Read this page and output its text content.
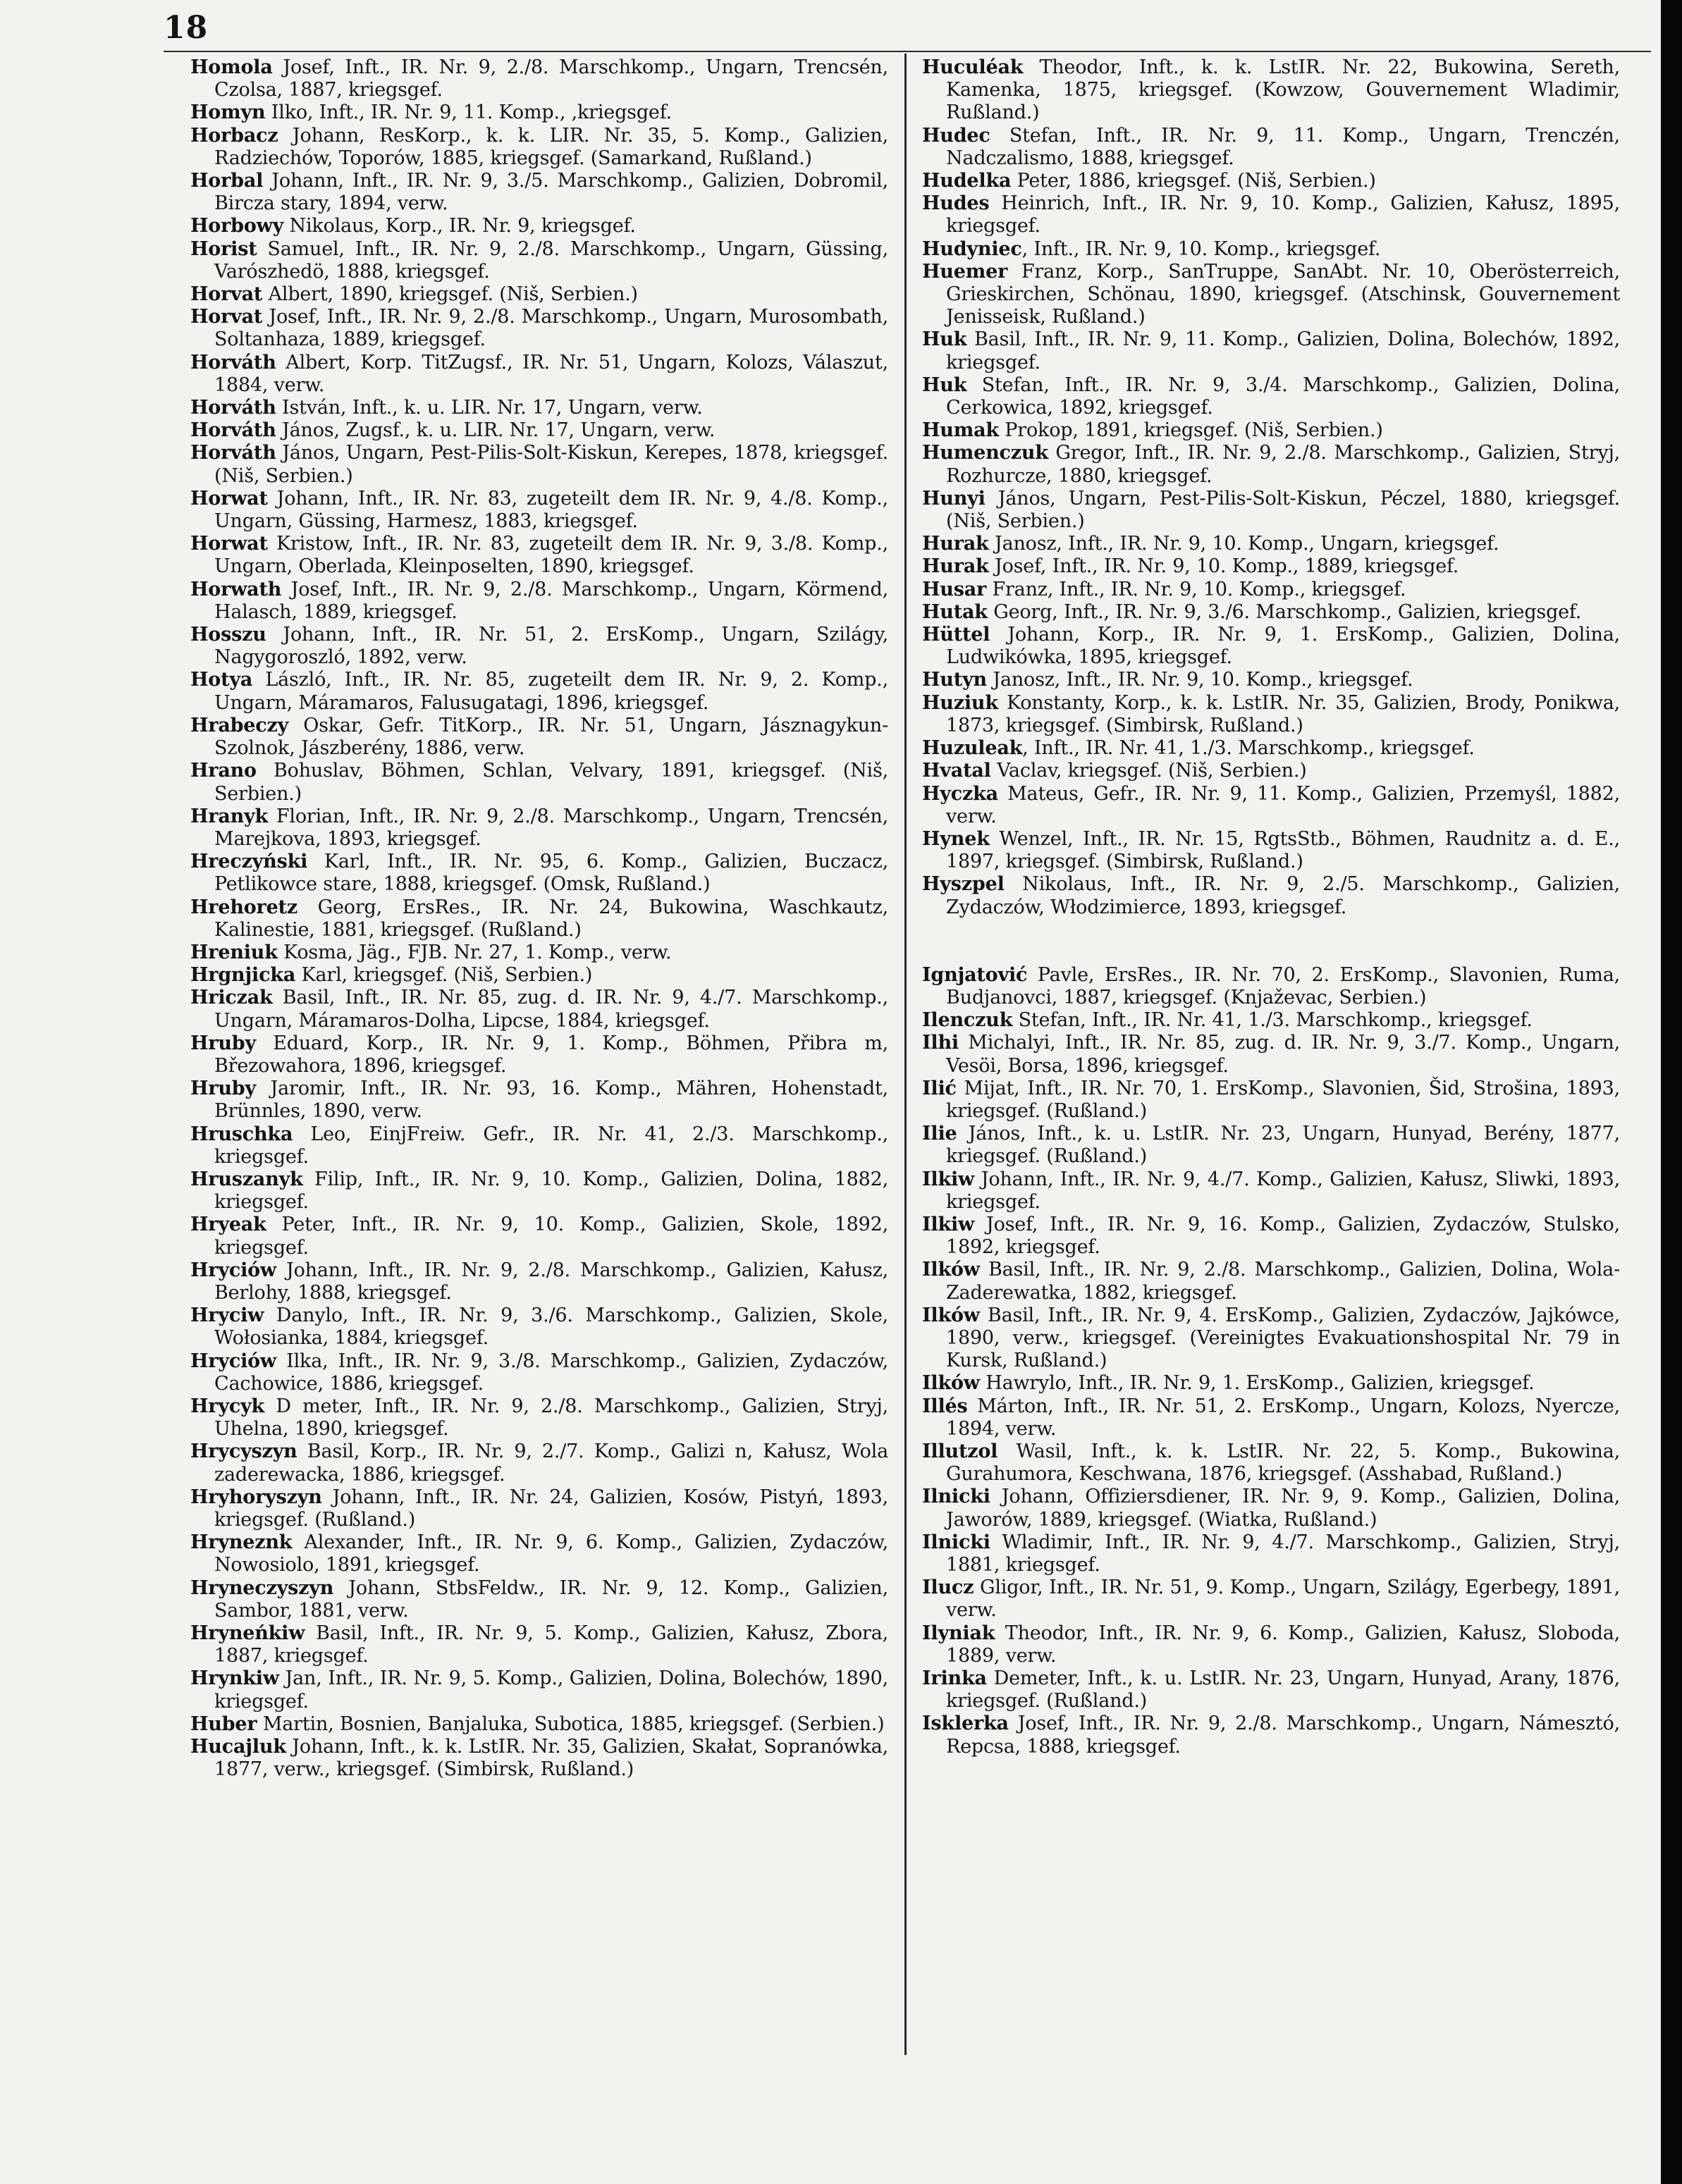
18

Homola Josef, Inft., IR. Nr. 9, 2./8. Marschkomp., Ungarn, Trencsén, Czolsa, 1887, kriegsgef.

Homyn Ilko, Inft., IR. Nr. 9, 11. Komp., ,kriegsgef.

Horbacz Johann, ResKorp., k. k. LIR. Nr. 35, 5. Komp., Galizien, Radziechów, Toporów, 1885, kriegsgef. (Samarkand, Rußland.)

Horbal Johann, Inft., IR. Nr. 9, 3./5. Marschkomp., Galizien, Dobromil, Bircza stary, 1894, verw.

Horbowy Nikolaus, Korp., IR. Nr. 9, kriegsgef.

Horist Samuel, Inft., IR. Nr. 9, 2./8. Marschkomp., Ungarn, Güssing, Varószhedö, 1888, kriegsgef.

Horvat Albert, 1890, kriegsgef. (Niš, Serbien.)

Horvat Josef, Inft., IR. Nr. 9, 2./8. Marschkomp., Ungarn, Murosombath, Soltanhaza, 1889, kriegsgef.

Horváth Albert, Korp. TitZugsf., IR. Nr. 51, Ungarn, Kolozs, Válaszut, 1884, verw.

Horváth István, Inft., k. u. LIR. Nr. 17, Ungarn, verw.

Horváth János, Zugsf., k. u. LIR. Nr. 17, Ungarn, verw.

Horváth János, Ungarn, Pest-Pilis-Solt-Kiskun, Kerepes, 1878, kriegsgef. (Niš, Serbien.)

Horwat Johann, Inft., IR. Nr. 83, zugeteilt dem IR. Nr. 9, 4./8. Komp., Ungarn, Güssing, Harmesz, 1883, kriegsgef.

Horwat Kristow, Inft., IR. Nr. 83, zugeteilt dem IR. Nr. 9, 3./8. Komp., Ungarn, Oberlada, Kleinposelten, 1890, kriegsgef.

Horwath Josef, Inft., IR. Nr. 9, 2./8. Marschkomp., Ungarn, Körmend, Halasch, 1889, kriegsgef.

Hosszu Johann, Inft., IR. Nr. 51, 2. ErsKomp., Ungarn, Szilágy, Nagygoroszló, 1892, verw.

Hotya László, Inft., IR. Nr. 85, zugeteilt dem IR. Nr. 9, 2. Komp., Ungarn, Máramaros, Falusugatagi, 1896, kriegsgef.

Hrabeczy Oskar, Gefr. TitKorp., IR. Nr. 51, Ungarn, Jásznagykun-Szolnok, Jászberény, 1886, verw.

Hrano Bohuslav, Böhmen, Schlan, Velvary, 1891, kriegsgef. (Niš, Serbien.)

Hranyk Florian, Inft., IR. Nr. 9, 2./8. Marschkomp., Ungarn, Trencsén, Marejkova, 1893, kriegsgef.

Hreczyński Karl, Inft., IR. Nr. 95, 6. Komp., Galizien, Buczacz, Petlikowce stare, 1888, kriegsgef. (Omsk, Rußland.)

Hrehoretz Georg, ErsRes., IR. Nr. 24, Bukowina, Waschkautz, Kalinestie, 1881, kriegsgef. (Rußland.)

Hreniuk Kosma, Jäg., FJB. Nr. 27, 1. Komp., verw.

Hrgnjicka Karl, kriegsgef. (Niš, Serbien.)

Hriczak Basil, Inft., IR. Nr. 85, zug. d. IR. Nr. 9, 4./7. Marschkomp., Ungarn, Máramaros-Dolha, Lipcse, 1884, kriegsgef.

Hruby Eduard, Korp., IR. Nr. 9, 1. Komp., Böhmen, Přibra m, Březowahora, 1896, kriegsgef.

Hruby Jaromir, Inft., IR. Nr. 93, 16. Komp., Mähren, Hohenstadt, Brünnles, 1890, verw.

Hruschka Leo, EinjFreiw. Gefr., IR. Nr. 41, 2./3. Marschkomp., kriegsgef.

Hruszanyk Filip, Inft., IR. Nr. 9, 10. Komp., Galizien, Dolina, 1882, kriegsgef.

Hryeak Peter, Inft., IR. Nr. 9, 10. Komp., Galizien, Skole, 1892, kriegsgef.

Hryciów Johann, Inft., IR. Nr. 9, 2./8. Marschkomp., Galizien, Kałusz, Berlohy, 1888, kriegsgef.

Hryciw Danylo, Inft., IR. Nr. 9, 3./6. Marschkomp., Galizien, Skole, Wołosianka, 1884, kriegsgef.

Hryciów Ilka, Inft., IR. Nr. 9, 3./8. Marschkomp., Galizien, Zydaczów, Cachowice, 1886, kriegsgef.

Hrycyk D meter, Inft., IR. Nr. 9, 2./8. Marschkomp., Galizien, Stryj, Uhelna, 1890, kriegsgef.

Hrycyszyn Basil, Korp., IR. Nr. 9, 2./7. Komp., Galizi n, Kałusz, Wola zaderewacka, 1886, kriegsgef.

Hryhoryszyn Johann, Inft., IR. Nr. 24, Galizien, Kosów, Pistyń, 1893, kriegsgef. (Rußland.)

Hryneznk Alexander, Inft., IR. Nr. 9, 6. Komp., Galizien, Zydaczów, Nowosiolo, 1891, kriegsgef.

Hryneczyszyn Johann, StbsFeldw., IR. Nr. 9, 12. Komp., Galizien, Sambor, 1881, verw.

Hryneńkiw Basil, Inft., IR. Nr. 9, 5. Komp., Galizien, Kałusz, Zbora, 1887, kriegsgef.

Hrynkiw Jan, Inft., IR. Nr. 9, 5. Komp., Galizien, Dolina, Bolechów, 1890, kriegsgef.

Huber Martin, Bosnien, Banjaluka, Subotica, 1885, kriegsgef. (Serbien.)

Hucajluk Johann, Inft., k. k. LstIR. Nr. 35, Galizien, Skałat, Sopranówka, 1877, verw., kriegsgef. (Simbirsk, Rußland.)

Huculéak Theodor, Inft., k. k. LstIR. Nr. 22, Bukowina, Sereth, Kamenka, 1875, kriegsgef. (Kowzow, Gouvernement Wladimir, Rußland.)

Hudec Stefan, Inft., IR. Nr. 9, 11. Komp., Ungarn, Trenczén, Nadczalismo, 1888, kriegsgef.

Hudelka Peter, 1886, kriegsgef. (Niš, Serbien.)

Hudes Heinrich, Inft., IR. Nr. 9, 10. Komp., Galizien, Kałusz, 1895, kriegsgef.

Hudyniec, Inft., IR. Nr. 9, 10. Komp., kriegsgef.

Huemer Franz, Korp., SanTruppe, SanAbt. Nr. 10, Oberösterreich, Grieskirchen, Schönau, 1890, kriegsgef. (Atschinsk, Gouvernement Jenisseisk, Rußland.)

Huk Basil, Inft., IR. Nr. 9, 11. Komp., Galizien, Dolina, Bolechów, 1892, kriegsgef.

Huk Stefan, Inft., IR. Nr. 9, 3./4. Marschkomp., Galizien, Dolina, Cerkowica, 1892, kriegsgef.

Humak Prokop, 1891, kriegsgef. (Niš, Serbien.)

Humenczuk Gregor, Inft., IR. Nr. 9, 2./8. Marschkomp., Galizien, Stryj, Rozhurcze, 1880, kriegsgef.

Hunyi János, Ungarn, Pest-Pilis-Solt-Kiskun, Péczel, 1880, kriegsgef. (Niš, Serbien.)

Hurak Janosz, Inft., IR. Nr. 9, 10. Komp., Ungarn, kriegsgef.

Hurak Josef, Inft., IR. Nr. 9, 10. Komp., 1889, kriegsgef.

Husar Franz, Inft., IR. Nr. 9, 10. Komp., kriegsgef.

Hutak Georg, Inft., IR. Nr. 9, 3./6. Marschkomp., Galizien, kriegsgef.

Hüttel Johann, Korp., IR. Nr. 9, 1. ErsKomp., Galizien, Dolina, Ludwikówka, 1895, kriegsgef.

Hutyn Janosz, Inft., IR. Nr. 9, 10. Komp., kriegsgef.

Huziuk Konstanty, Korp., k. k. LstIR. Nr. 35, Galizien, Brody, Ponikwa, 1873, kriegsgef. (Simbirsk, Rußland.)

Huzuleak, Inft., IR. Nr. 41, 1./3. Marschkomp., kriegsgef.

Hvatal Vaclav, kriegsgef. (Niš, Serbien.)

Hyczka Mateus, Gefr., IR. Nr. 9, 11. Komp., Galizien, Przemyśl, 1882, verw.

Hynek Wenzel, Inft., IR. Nr. 15, RgtsStb., Böhmen, Raudnitz a. d. E., 1897, kriegsgef. (Simbirsk, Rußland.)

Hyszpel Nikolaus, Inft., IR. Nr. 9, 2./5. Marschkomp., Galizien, Zydaczów, Włodzimierce, 1893, kriegsgef.

Ignjatović Pavle, ErsRes., IR. Nr. 70, 2. ErsKomp., Slavonien, Ruma, Budjanovci, 1887, kriegsgef. (Knjaževac, Serbien.)

Ilenczuk Stefan, Inft., IR. Nr. 41, 1./3. Marschkomp., kriegsgef.

Ilhi Michalyi, Inft., IR. Nr. 85, zug. d. IR. Nr. 9, 3./7. Komp., Ungarn, Vesöi, Borsa, 1896, kriegsgef.

Ilić Mijat, Inft., IR. Nr. 70, 1. ErsKomp., Slavonien, Šid, Strošina, 1893, kriegsgef. (Rußland.)

Ilie János, Inft., k. u. LstIR. Nr. 23, Ungarn, Hunyad, Berény, 1877, kriegsgef. (Rußland.)

Ilkiw Johann, Inft., IR. Nr. 9, 4./7. Komp., Galizien, Kałusz, Sliwki, 1893, kriegsgef.

Ilkiw Josef, Inft., IR. Nr. 9, 16. Komp., Galizien, Zydaczów, Stulsko, 1892, kriegsgef.

Ilków Basil, Inft., IR. Nr. 9, 2./8. Marschkomp., Galizien, Dolina, Wola-Zaderewatka, 1882, kriegsgef.

Ilków Basil, Inft., IR. Nr. 9, 4. ErsKomp., Galizien, Zydaczów, Jajkówce, 1890, verw., kriegsgef. (Vereinigtes Evakuationshospital Nr. 79 in Kursk, Rußland.)

Ilków Hawrylo, Inft., IR. Nr. 9, 1. ErsKomp., Galizien, kriegsgef.

Illés Márton, Inft., IR. Nr. 51, 2. ErsKomp., Ungarn, Kolozs, Nyercze, 1894, verw.

Illutzol Wasil, Inft., k. k. LstIR. Nr. 22, 5. Komp., Bukowina, Gurahumora, Keschwana, 1876, kriegsgef. (Asshabad, Rußland.)

Ilnicki Johann, Offiziersdiener, IR. Nr. 9, 9. Komp., Galizien, Dolina, Jaworów, 1889, kriegsgef. (Wiatka, Rußland.)

Ilnicki Wladimir, Inft., IR. Nr. 9, 4./7. Marschkomp., Galizien, Stryj, 1881, kriegsgef.

Ilucz Gligor, Inft., IR. Nr. 51, 9. Komp., Ungarn, Szilágy, Egerbegy, 1891, verw.

Ilyniak Theodor, Inft., IR. Nr. 9, 6. Komp., Galizien, Kałusz, Sloboda, 1889, verw.

Irinka Demeter, Inft., k. u. LstIR. Nr. 23, Ungarn, Hunyad, Arany, 1876, kriegsgef. (Rußland.)

Isklerka Josef, Inft., IR. Nr. 9, 2./8. Marschkomp., Ungarn, Námesztó, Repcsa, 1888, kriegsgef.
